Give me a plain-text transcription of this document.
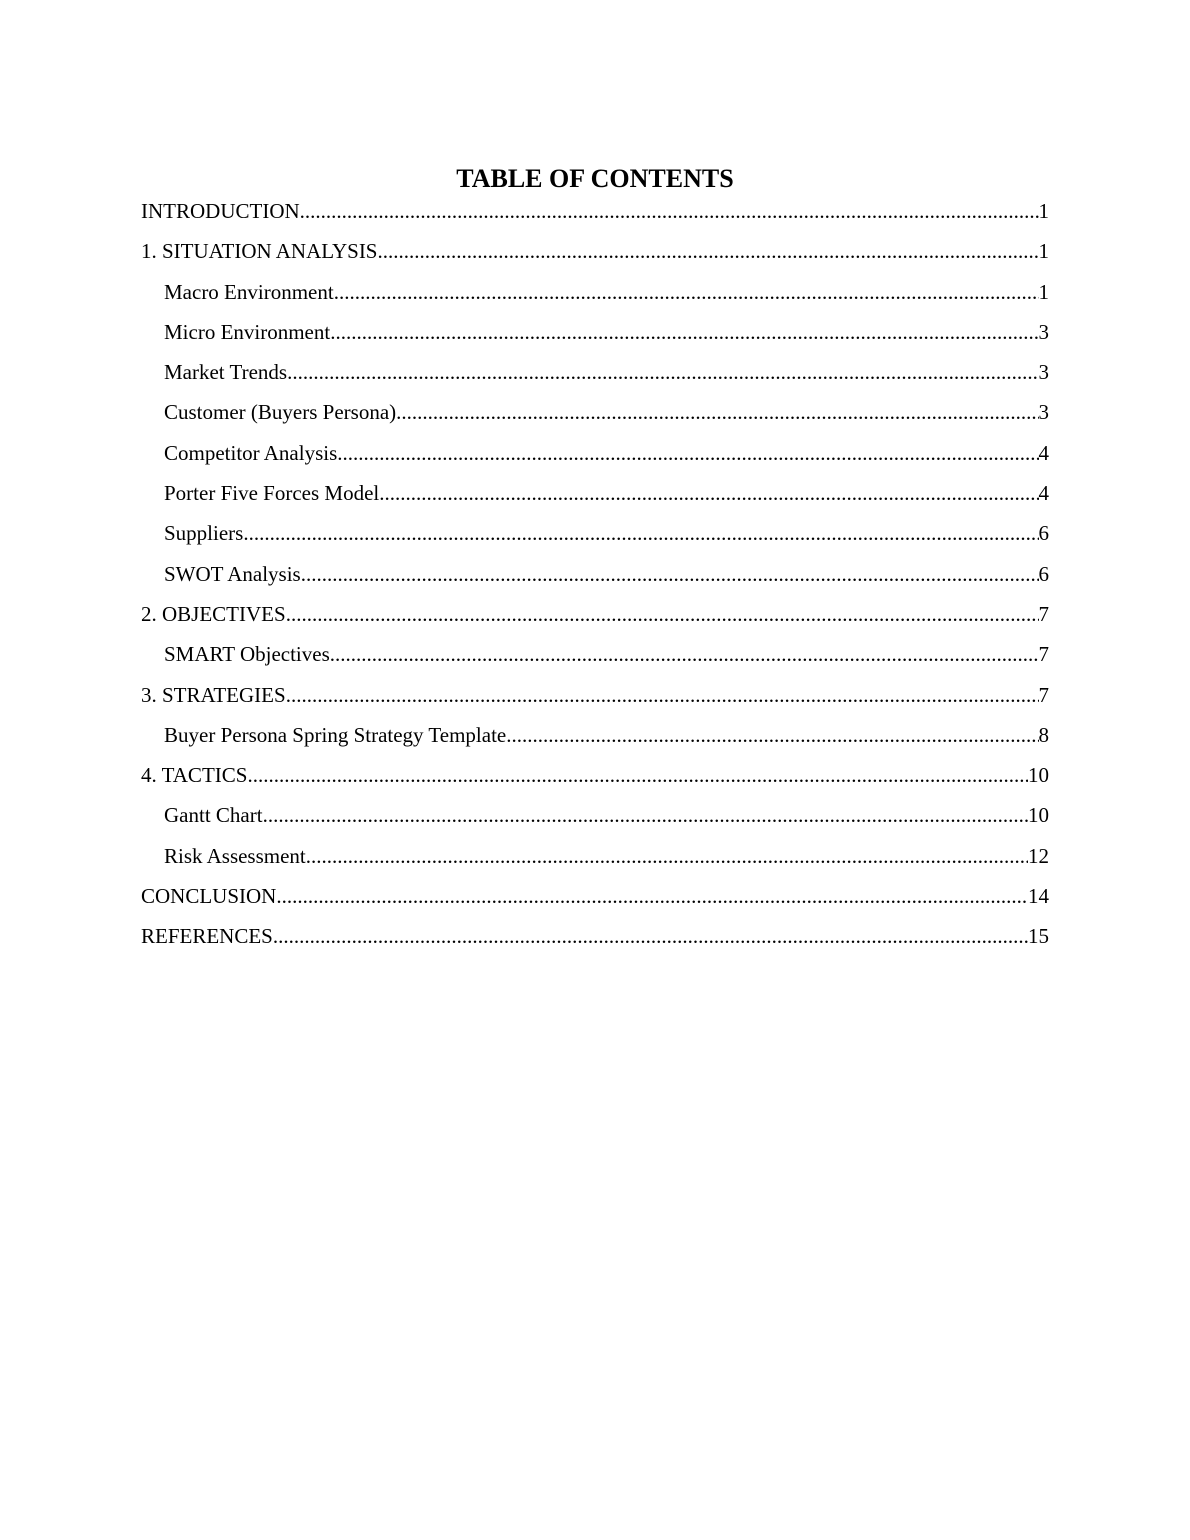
TABLE OF CONTENTS
INTRODUCTION .....	1
1. SITUATION ANALYSIS .....	1
Macro Environment .....	1
Micro Environment .....	3
Market Trends .....	3
Customer (Buyers Persona) .....	3
Competitor Analysis .....	4
Porter Five Forces Model .....	4
Suppliers .....	6
SWOT Analysis .....	6
2. OBJECTIVES .....	7
SMART Objectives .....	7
3. STRATEGIES .....	7
Buyer Persona Spring Strategy Template .....	8
4. TACTICS .....	10
Gantt Chart .....	10
Risk Assessment .....	12
CONCLUSION .....	14
REFERENCES .....	15
